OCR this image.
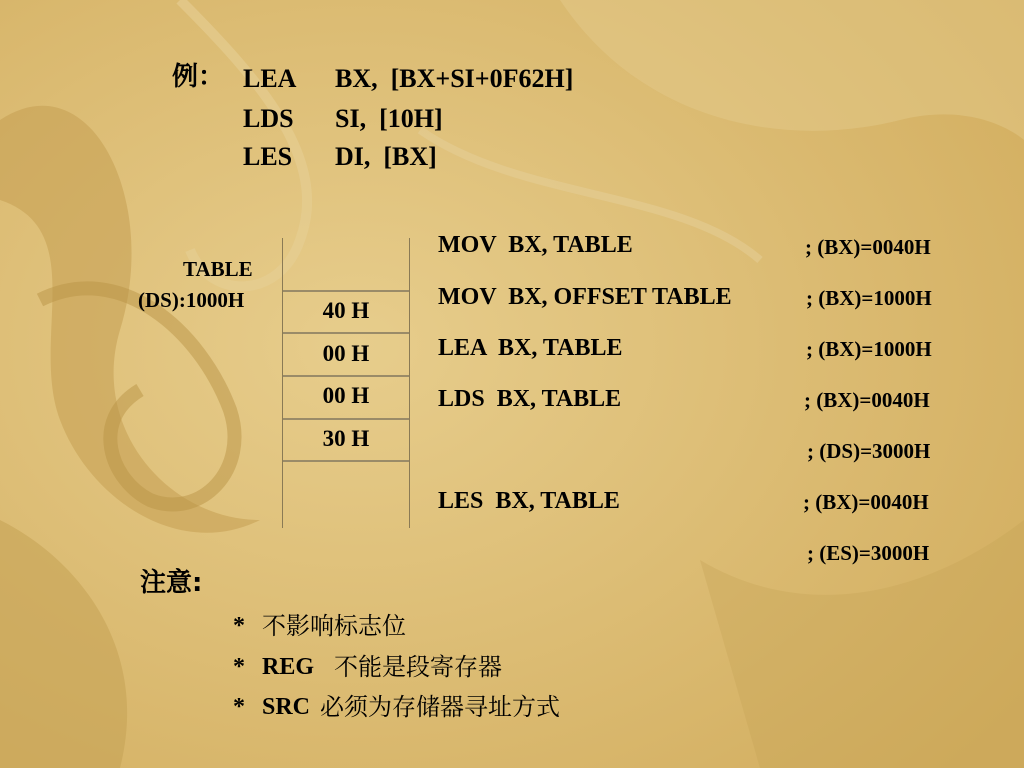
例： LEA BX,  [BX+SI+0F62H]
LDS SI,  [10H]
LES DI,  [BX]
TABLE
(DS):1000H	40 H
00 H
00 H
30 H
MOV  BX, TABLE	; (BX)=0040H
MOV  BX, OFFSET TABLE	; (BX)=1000H
LEA  BX, TABLE	; (BX)=1000H
LDS  BX, TABLE	; (BX)=0040H
; (DS)=3000H
LES  BX, TABLE	; (BX)=0040H
; (ES)=3000H
注意:
* 不影响标志位
* REG 不能是段寄存器
* SRC 必须为存储器寻址方式
